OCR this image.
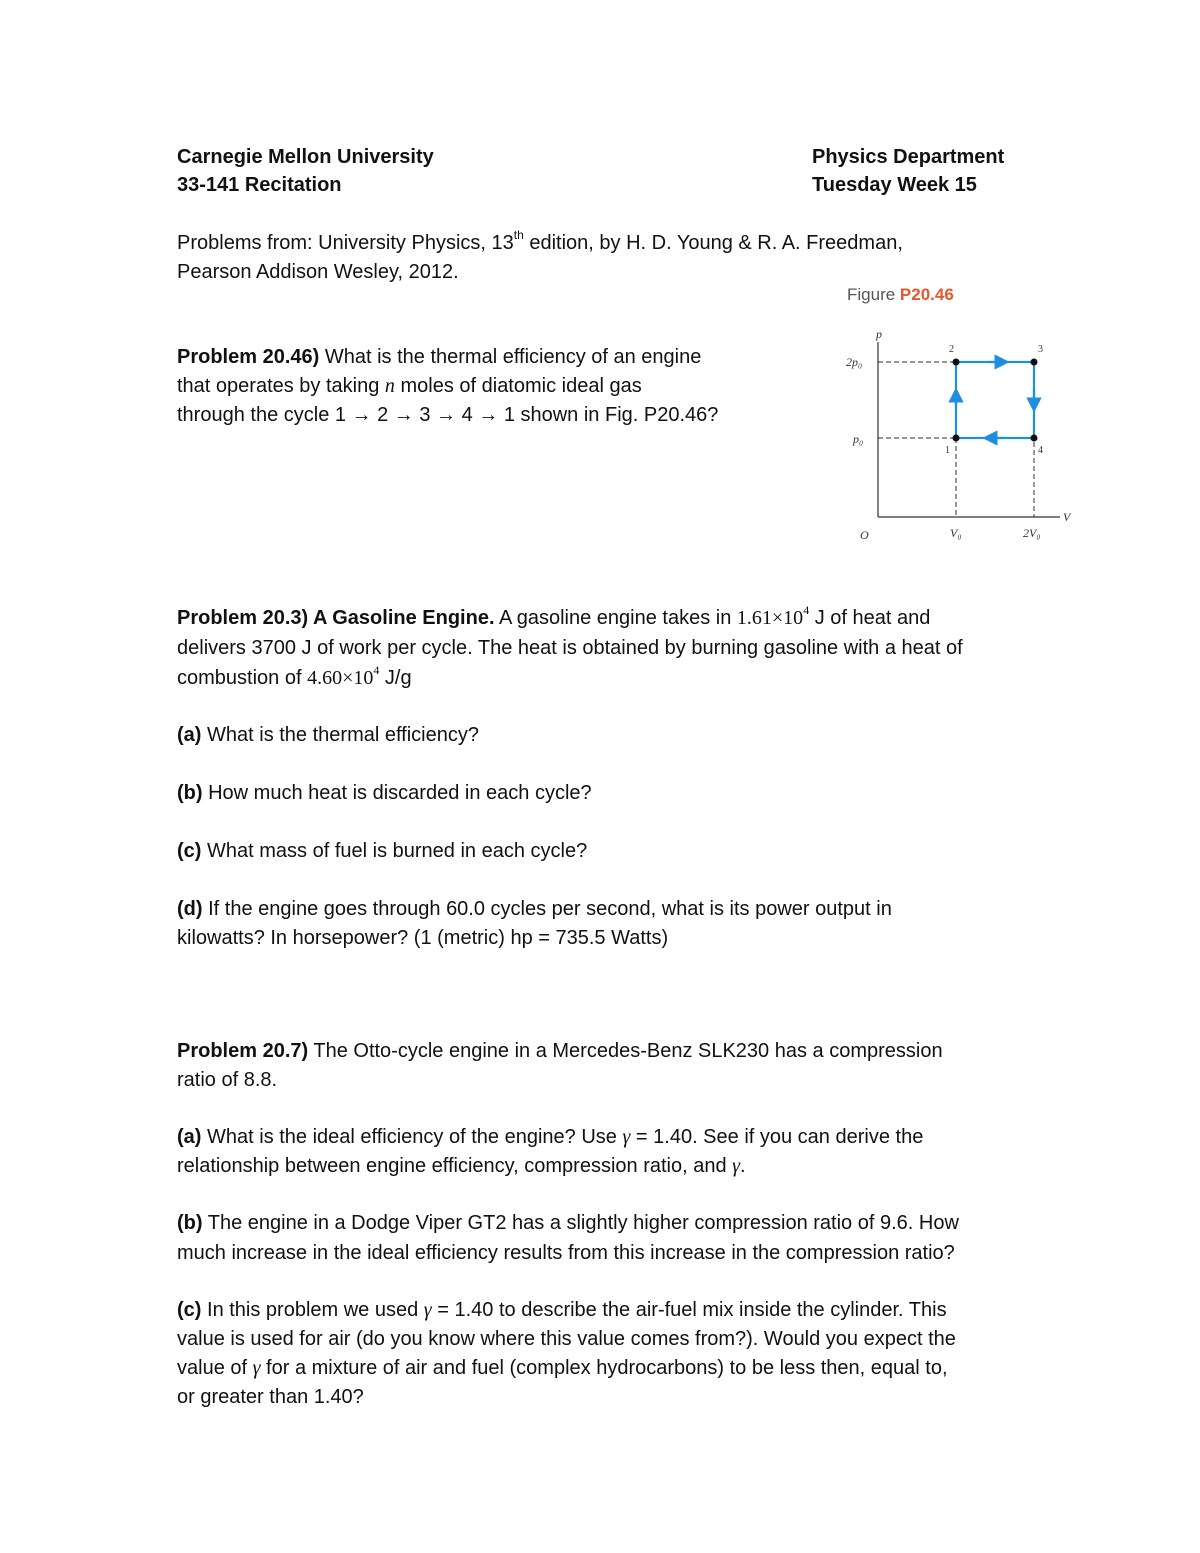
Carnegie Mellon University
33-141 Recitation
Physics Department
Tuesday Week 15
Problems from: University Physics, 13th edition, by H. D. Young & R. A. Freedman,
Pearson Addison Wesley, 2012.
Figure P20.46
p
V
O
2p₀
p₀
V₀	2V₀
1
2	3
4
Problem 20.46) What is the thermal efficiency of an engine
that operates by taking n moles of diatomic ideal gas
through the cycle 1 → 2 → 3 → 4 → 1 shown in Fig. P20.46?
Problem 20.3) A Gasoline Engine. A gasoline engine takes in $1.61\times 10^4$ J of heat and
delivers 3700 J of work per cycle. The heat is obtained by burning gasoline with a heat of
combustion of $4.60\times 10^4$ J/g
(a) What is the thermal efficiency?
(b) How much heat is discarded in each cycle?
(c) What mass of fuel is burned in each cycle?
(d) If the engine goes through 60.0 cycles per second, what is its power output in
kilowatts? In horsepower? (1 (metric) hp = 735.5 Watts)
Problem 20.7) The Otto-cycle engine in a Mercedes-Benz SLK230 has a compression
ratio of 8.8.
(a) What is the ideal efficiency of the engine? Use γ = 1.40. See if you can derive the
relationship between engine efficiency, compression ratio, and γ.
(b) The engine in a Dodge Viper GT2 has a slightly higher compression ratio of 9.6. How
much increase in the ideal efficiency results from this increase in the compression ratio?
(c) In this problem we used γ = 1.40 to describe the air-fuel mix inside the cylinder. This
value is used for air (do you know where this value comes from?). Would you expect the
value of γ for a mixture of air and fuel (complex hydrocarbons) to be less then, equal to,
or greater than 1.40?
